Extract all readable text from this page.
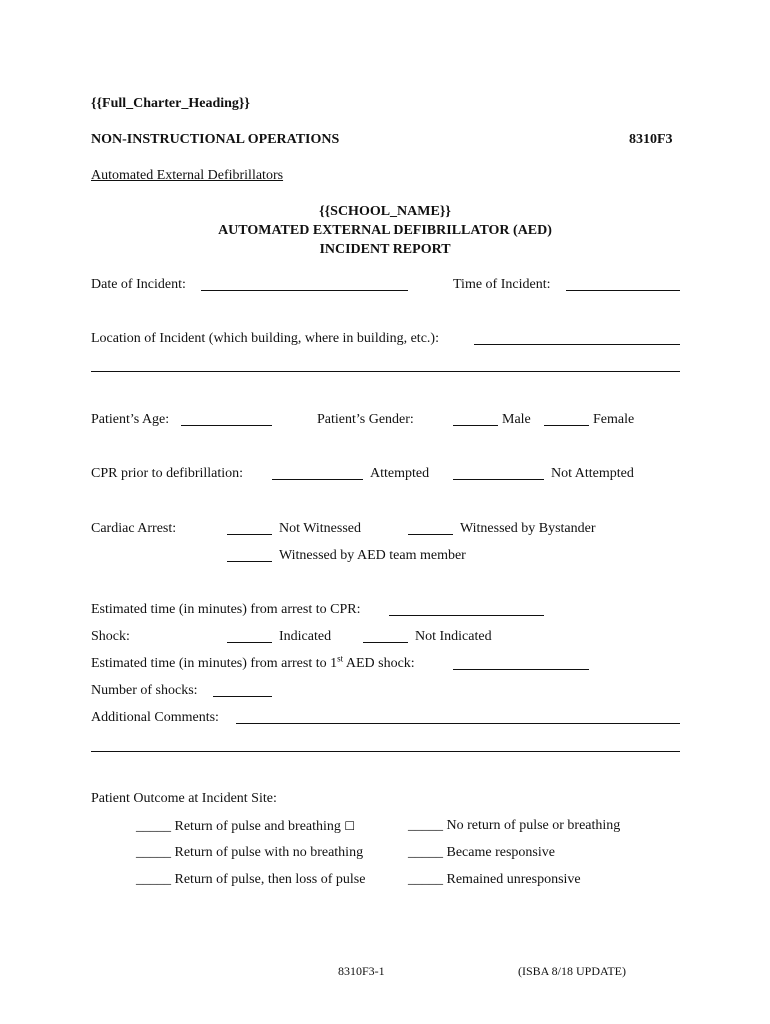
{{Full_Charter_Heading}}
NON-INSTRUCTIONAL OPERATIONS	8310F3
Automated External Defibrillators
{{SCHOOL_NAME}}
AUTOMATED EXTERNAL DEFIBRILLATOR (AED)
INCIDENT REPORT
Date of Incident:	Time of Incident:
Location of Incident (which building, where in building, etc.):
Patient’s Age:	Patient’s Gender:	Male	Female
CPR prior to defibrillation:	Attempted	Not Attempted
Cardiac Arrest:	Not Witnessed	Witnessed by Bystander
Witnessed by AED team member
Estimated time (in minutes) from arrest to CPR:
Shock:	Indicated	Not Indicated
Estimated time (in minutes) from arrest to 1st AED shock:
Number of shocks:
Additional Comments:
Patient Outcome at Incident Site:
_____ Return of pulse and breathing ☐
_____ Return of pulse with no breathing
_____ Return of pulse, then loss of pulse
_____ No return of pulse or breathing
_____ Became responsive
_____ Remained unresponsive
8310F3-1	(ISBA 8/18 UPDATE)
